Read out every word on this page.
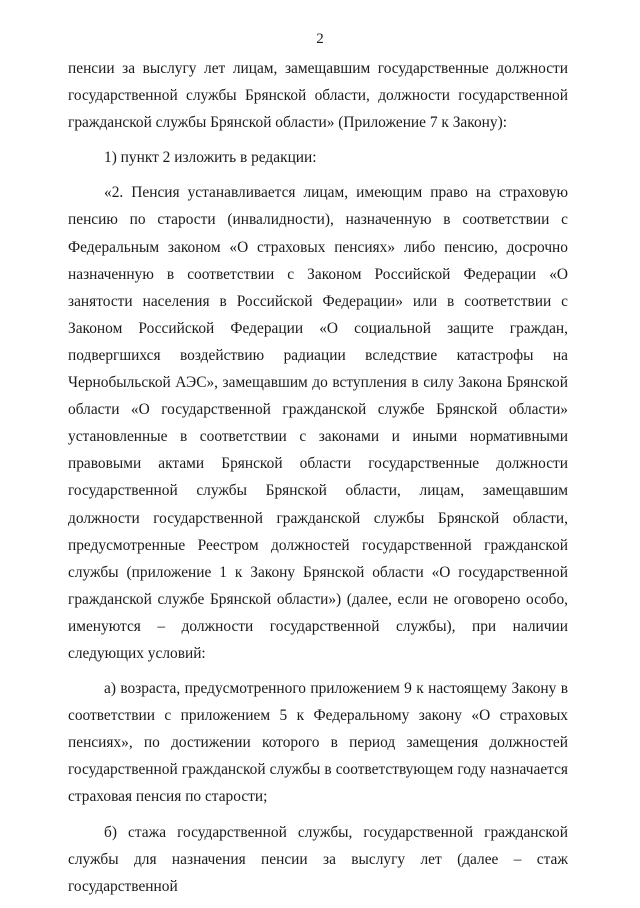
2

пенсии за выслугу лет лицам, замещавшим государственные должности государственной службы Брянской области, должности государственной гражданской службы Брянской области» (Приложение 7 к Закону):

1) пункт 2 изложить в редакции:

«2. Пенсия устанавливается лицам, имеющим право на страховую пенсию по старости (инвалидности), назначенную в соответствии с Федеральным законом «О страховых пенсиях» либо пенсию, досрочно назначенную в соответствии с Законом Российской Федерации «О занятости населения в Российской Федерации» или в соответствии с Законом Российской Федерации «О социальной защите граждан, подвергшихся воздействию радиации вследствие катастрофы на Чернобыльской АЭС», замещавшим до вступления в силу Закона Брянской области «О государственной гражданской службе Брянской области» установленные в соответствии с законами и иными нормативными правовыми актами Брянской области государственные должности государственной службы Брянской области, лицам, замещавшим должности государственной гражданской службы Брянской области, предусмотренные Реестром должностей государственной гражданской службы (приложение 1 к Закону Брянской области «О государственной гражданской службе Брянской области») (далее, если не оговорено особо, именуются – должности государственной службы), при наличии следующих условий:

а) возраста, предусмотренного приложением 9 к настоящему Закону в соответствии с приложением 5 к Федеральному закону «О страховых пенсиях», по достижении которого в период замещения должностей государственной гражданской службы в соответствующем году назначается страховая пенсия по старости;

б) стажа государственной службы, государственной гражданской службы для назначения пенсии за выслугу лет (далее – стаж государственной
